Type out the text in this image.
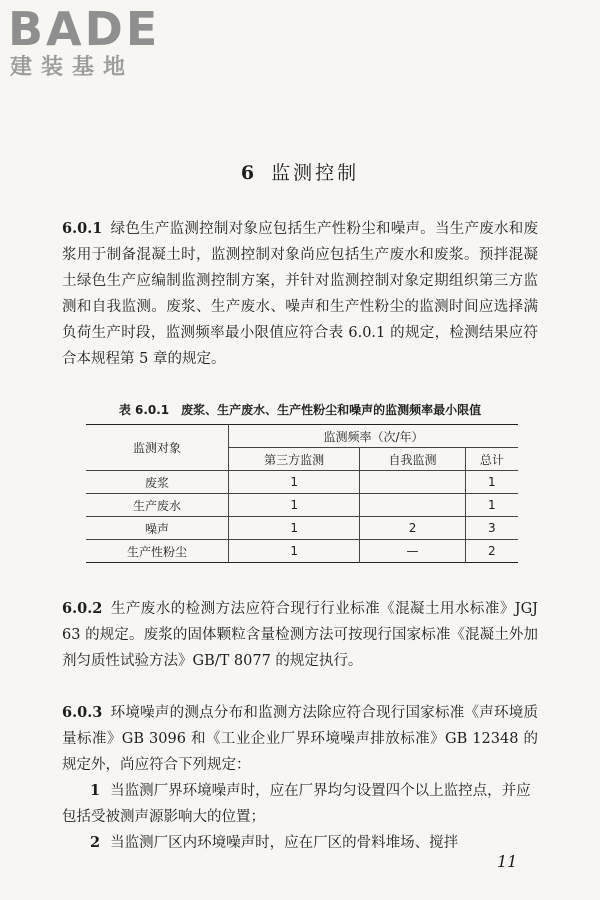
BADE
建装基地
6 监测控制

6.0.1 绿色生产监测控制对象应包括生产性粉尘和噪声。当生产废水和废浆用于制备混凝土时，监测控制对象尚应包括生产废水和废浆。预拌混凝土绿色生产应编制监测控制方案，并针对监测控制对象定期组织第三方监测和自我监测。废浆、生产废水、噪声和生产性粉尘的监测时间应选择满负荷生产时段，监测频率最小限值应符合表 6.0.1 的规定，检测结果应符合本规程第 5 章的规定。

表 6.0.1　废浆、生产废水、生产性粉尘和噪声的监测频率最小限值
监测对象	监测频率（次/年）		
	第三方监测	自我监测	总计
废浆	1		1
生产废水	1		1
噪声	1	2	3
生产性粉尘	1	—	2

6.0.2 生产废水的检测方法应符合现行行业标准《混凝土用水标准》JGJ 63 的规定。废浆的固体颗粒含量检测方法可按现行国家标准《混凝土外加剂匀质性试验方法》GB/T 8077 的规定执行。

6.0.3 环境噪声的测点分布和监测方法除应符合现行国家标准《声环境质量标准》GB 3096 和《工业企业厂界环境噪声排放标准》GB 12348 的规定外，尚应符合下列规定：

1 当监测厂界环境噪声时，应在厂界均匀设置四个以上监控点，并应包括受被测声源影响大的位置；

2 当监测厂区内环境噪声时，应在厂区的骨料堆场、搅拌

11
